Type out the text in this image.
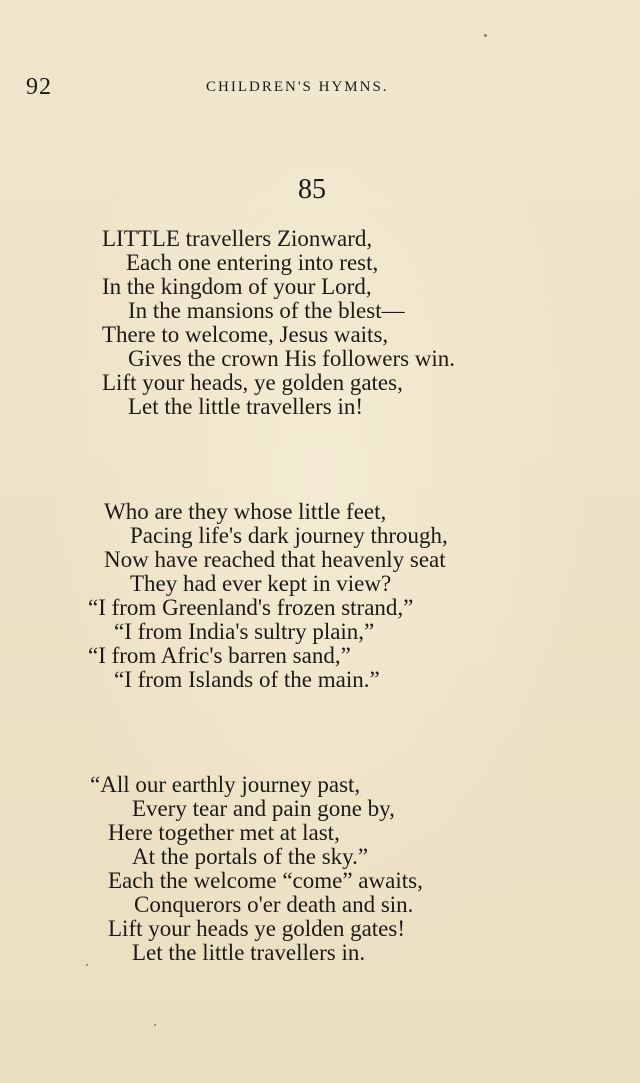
92	CHILDREN'S HYMNS.
85
LITTLE travellers Zionward,
Each one entering into rest,
In the kingdom of your Lord,
In the mansions of the blest—
There to welcome, Jesus waits,
Gives the crown His followers win.
Lift your heads, ye golden gates,
Let the little travellers in!
Who are they whose little feet,
Pacing life's dark journey through,
Now have reached that heavenly seat
They had ever kept in view?
“I from Greenland's frozen strand,”
“I from India's sultry plain,”
“I from Afric's barren sand,”
“I from Islands of the main.”
“All our earthly journey past,
Every tear and pain gone by,
Here together met at last,
At the portals of the sky.”
Each the welcome “come” awaits,
Conquerors o'er death and sin.
Lift your heads ye golden gates!
Let the little travellers in.
